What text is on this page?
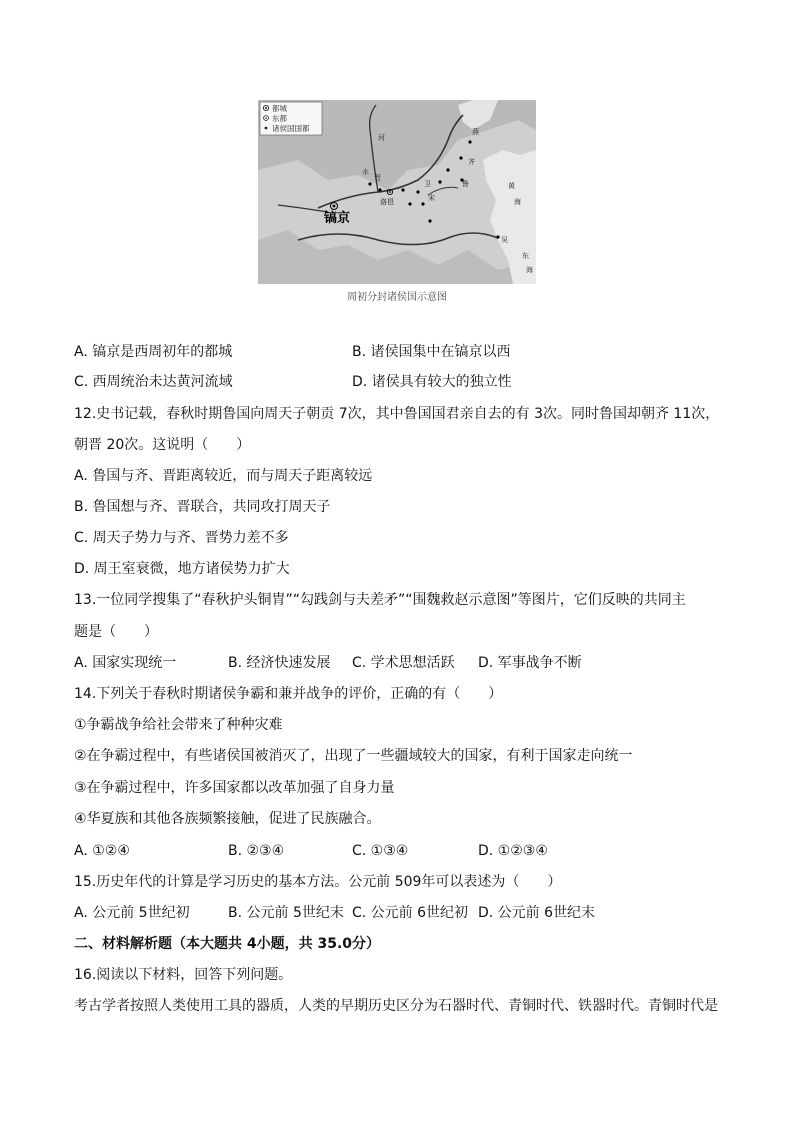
都城
东都
诸侯国国都
镐京
洛邑
燕
晋
卫
宋
齐
鲁
吴
黄
海
东
海
河
水
周初分封诸侯国示意图
A. 镐京是西周初年的都城	B. 诸侯国集中在镐京以西
C. 西周统治未达黄河流域	D. 诸侯具有较大的独立性
12.史书记载，春秋时期鲁国向周天子朝贡 7次，其中鲁国国君亲自去的有 3次。同时鲁国却朝齐 11次，
朝晋 20次。这说明（　　）
A. 鲁国与齐、晋距离较近，而与周天子距离较远
B. 鲁国想与齐、晋联合，共同攻打周天子
C. 周天子势力与齐、晋势力差不多
D. 周王室衰微，地方诸侯势力扩大
13.一位同学搜集了“春秋护头铜胄”“勾践剑与夫差矛”“围魏救赵示意图”等图片，它们反映的共同主
题是（　　）
A. 国家实现统一	B. 经济快速发展 C. 学术思想活跃 D. 军事战争不断
14.下列关于春秋时期诸侯争霸和兼并战争的评价，正确的有（　　）
①争霸战争给社会带来了种种灾难
②在争霸过程中，有些诸侯国被消灭了，出现了一些疆域较大的国家，有利于国家走向统一
③在争霸过程中，许多国家都以改革加强了自身力量
④华夏族和其他各族频繁接触，促进了民族融合。
A. ①②④	B. ②③④	C. ①③④	D. ①②③④
15.历史年代的计算是学习历史的基本方法。公元前 509年可以表述为（　　）
A. 公元前 5世纪初	B. 公元前 5世纪末 C. 公元前 6世纪初 D. 公元前 6世纪末
二、材料解析题（本大题共 4小题，共 35.0分）
16.阅读以下材料，回答下列问题。
考古学者按照人类使用工具的器质，人类的早期历史区分为石器时代、青铜时代、铁器时代。青铜时代是
